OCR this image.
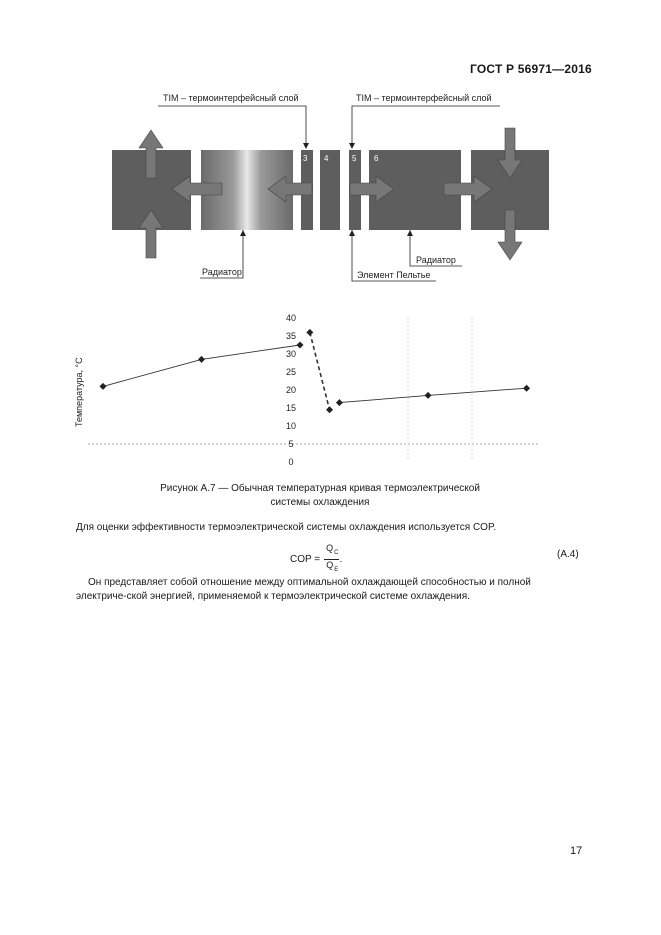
ГОСТ Р 56971—2016
TIM – термоинтерфейсный слой	TIM – термоинтерфейсный слой
3 4	5 6
Радиатор
Радиатор
Элемент Пельтье
Температура, °С
0
5
10
15
20
25
30
35
40
Рисунок А.7 — Обычная температурная кривая термоэлектрической
системы охлаждения
Для оценки эффективности термоэлектрической системы охлаждения используется COP.
COP = $\frac{Q_C}{Q_E}$ .	(А.4)
Он представляет собой отношение между оптимальной охлаждающей способностью и полной электриче-ской энергией, применяемой к термоэлектрической системе охлаждения.
17
